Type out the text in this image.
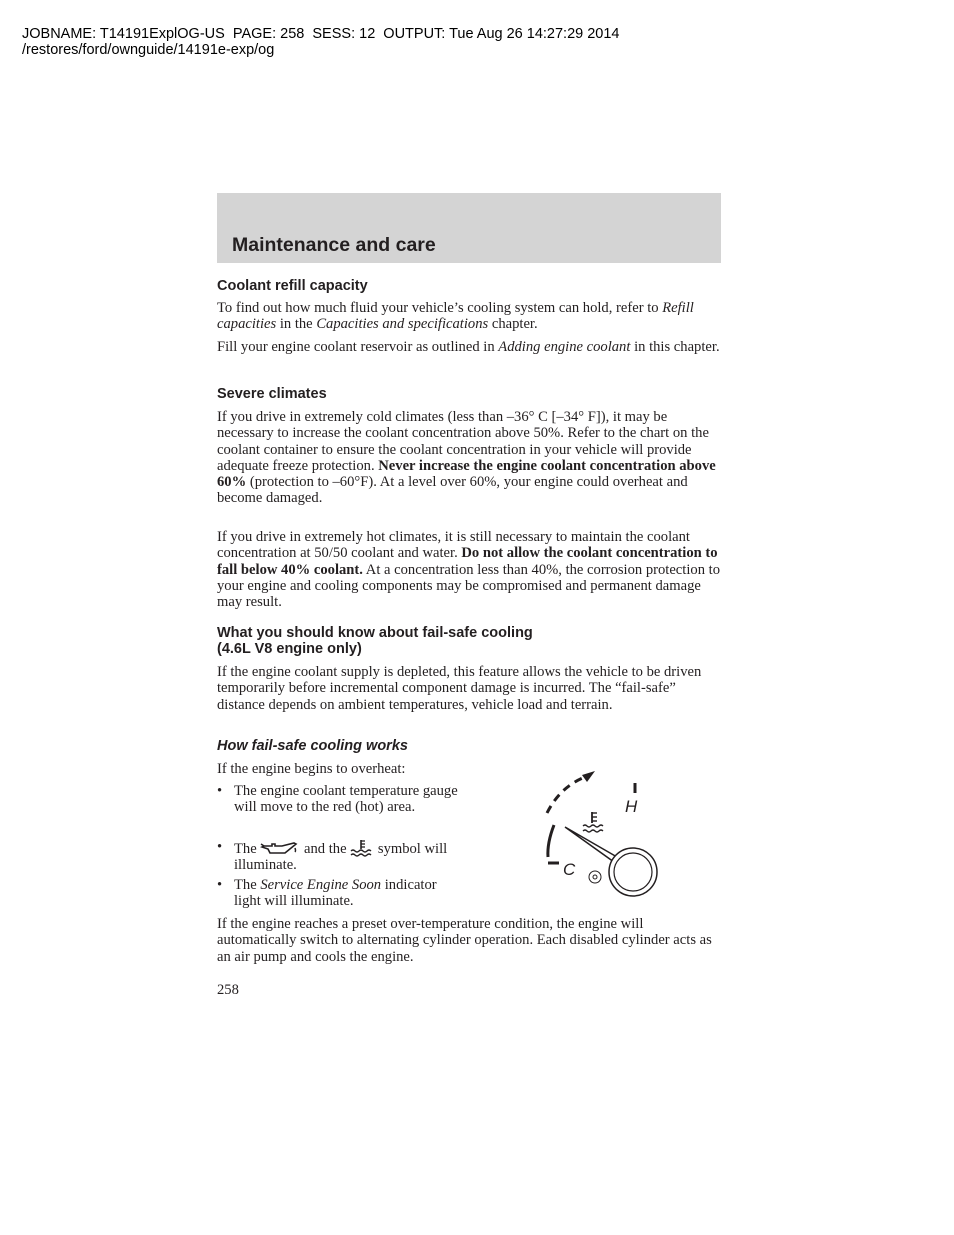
JOBNAME: T14191ExplOG-US  PAGE: 258  SESS: 12  OUTPUT: Tue Aug 26 14:27:29 2014
/restores/ford/ownguide/14191e-exp/og
Maintenance and care
Coolant refill capacity

To find out how much fluid your vehicle’s cooling system can hold, refer to Refill capacities in the Capacities and specifications chapter.

Fill your engine coolant reservoir as outlined in Adding engine coolant in this chapter.

Severe climates

If you drive in extremely cold climates (less than –36° C [–34° F]), it may be necessary to increase the coolant concentration above 50%. Refer to the chart on the coolant container to ensure the coolant concentration in your vehicle will provide adequate freeze protection. Never increase the engine coolant concentration above 60% (protection to –60°F). At a level over 60%, your engine could overheat and become damaged.

If you drive in extremely hot climates, it is still necessary to maintain the coolant concentration at 50/50 coolant and water. Do not allow the coolant concentration to fall below 40% coolant. At a concentration less than 40%, the corrosion protection to your engine and cooling components may be compromised and permanent damage may result.

What you should know about fail-safe cooling
(4.6L V8 engine only)

If the engine coolant supply is depleted, this feature allows the vehicle to be driven temporarily before incremental component damage is incurred. The “fail-safe” distance depends on ambient temperatures, vehicle load and terrain.

How fail-safe cooling works

If the engine begins to overheat:

• The engine coolant temperature gauge will move to the red (hot) area.
• The	and the symbol will illuminate.
• The Service Engine Soon indicator light will illuminate.
H
C

If the engine reaches a preset over-temperature condition, the engine will automatically switch to alternating cylinder operation. Each disabled cylinder acts as an air pump and cools the engine.

258
